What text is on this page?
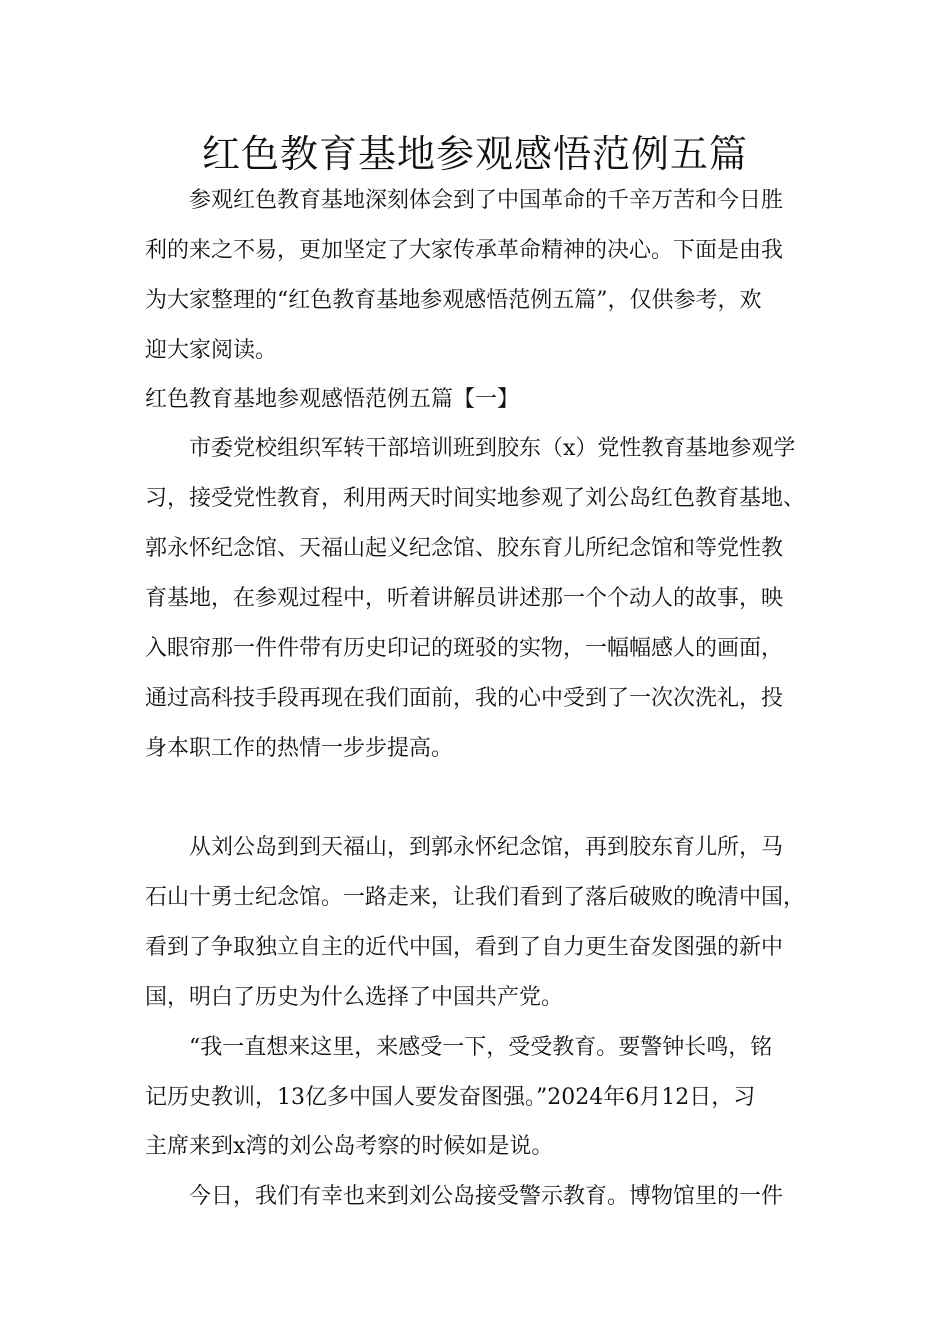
红色教育基地参观感悟范例五篇

参观红色教育基地深刻体会到了中国革命的千辛万苦和今日胜

利的来之不易，更加坚定了大家传承革命精神的决心。下面是由我

为大家整理的“红色教育基地参观感悟范例五篇”，仅供参考，欢

迎大家阅读。

红色教育基地参观感悟范例五篇【一】

市委党校组织军转干部培训班到胶东（x）党性教育基地参观学

习，接受党性教育，利用两天时间实地参观了刘公岛红色教育基地、

郭永怀纪念馆、天福山起义纪念馆、胶东育儿所纪念馆和等党性教

育基地，在参观过程中，听着讲解员讲述那一个个动人的故事，映

入眼帘那一件件带有历史印记的斑驳的实物，一幅幅感人的画面，

通过高科技手段再现在我们面前，我的心中受到了一次次洗礼，投

身本职工作的热情一步步提高。

从刘公岛到到天福山，到郭永怀纪念馆，再到胶东育儿所，马

石山十勇士纪念馆。一路走来，让我们看到了落后破败的晚清中国，

看到了争取独立自主的近代中国，看到了自力更生奋发图强的新中

国，明白了历史为什么选择了中国共产党。

“我一直想来这里，来感受一下，受受教育。要警钟长鸣，铭

记历史教训，13亿多中国人要发奋图强。”2024年6月12日，习

主席来到x湾的刘公岛考察的时候如是说。

今日，我们有幸也来到刘公岛接受警示教育。博物馆里的一件
